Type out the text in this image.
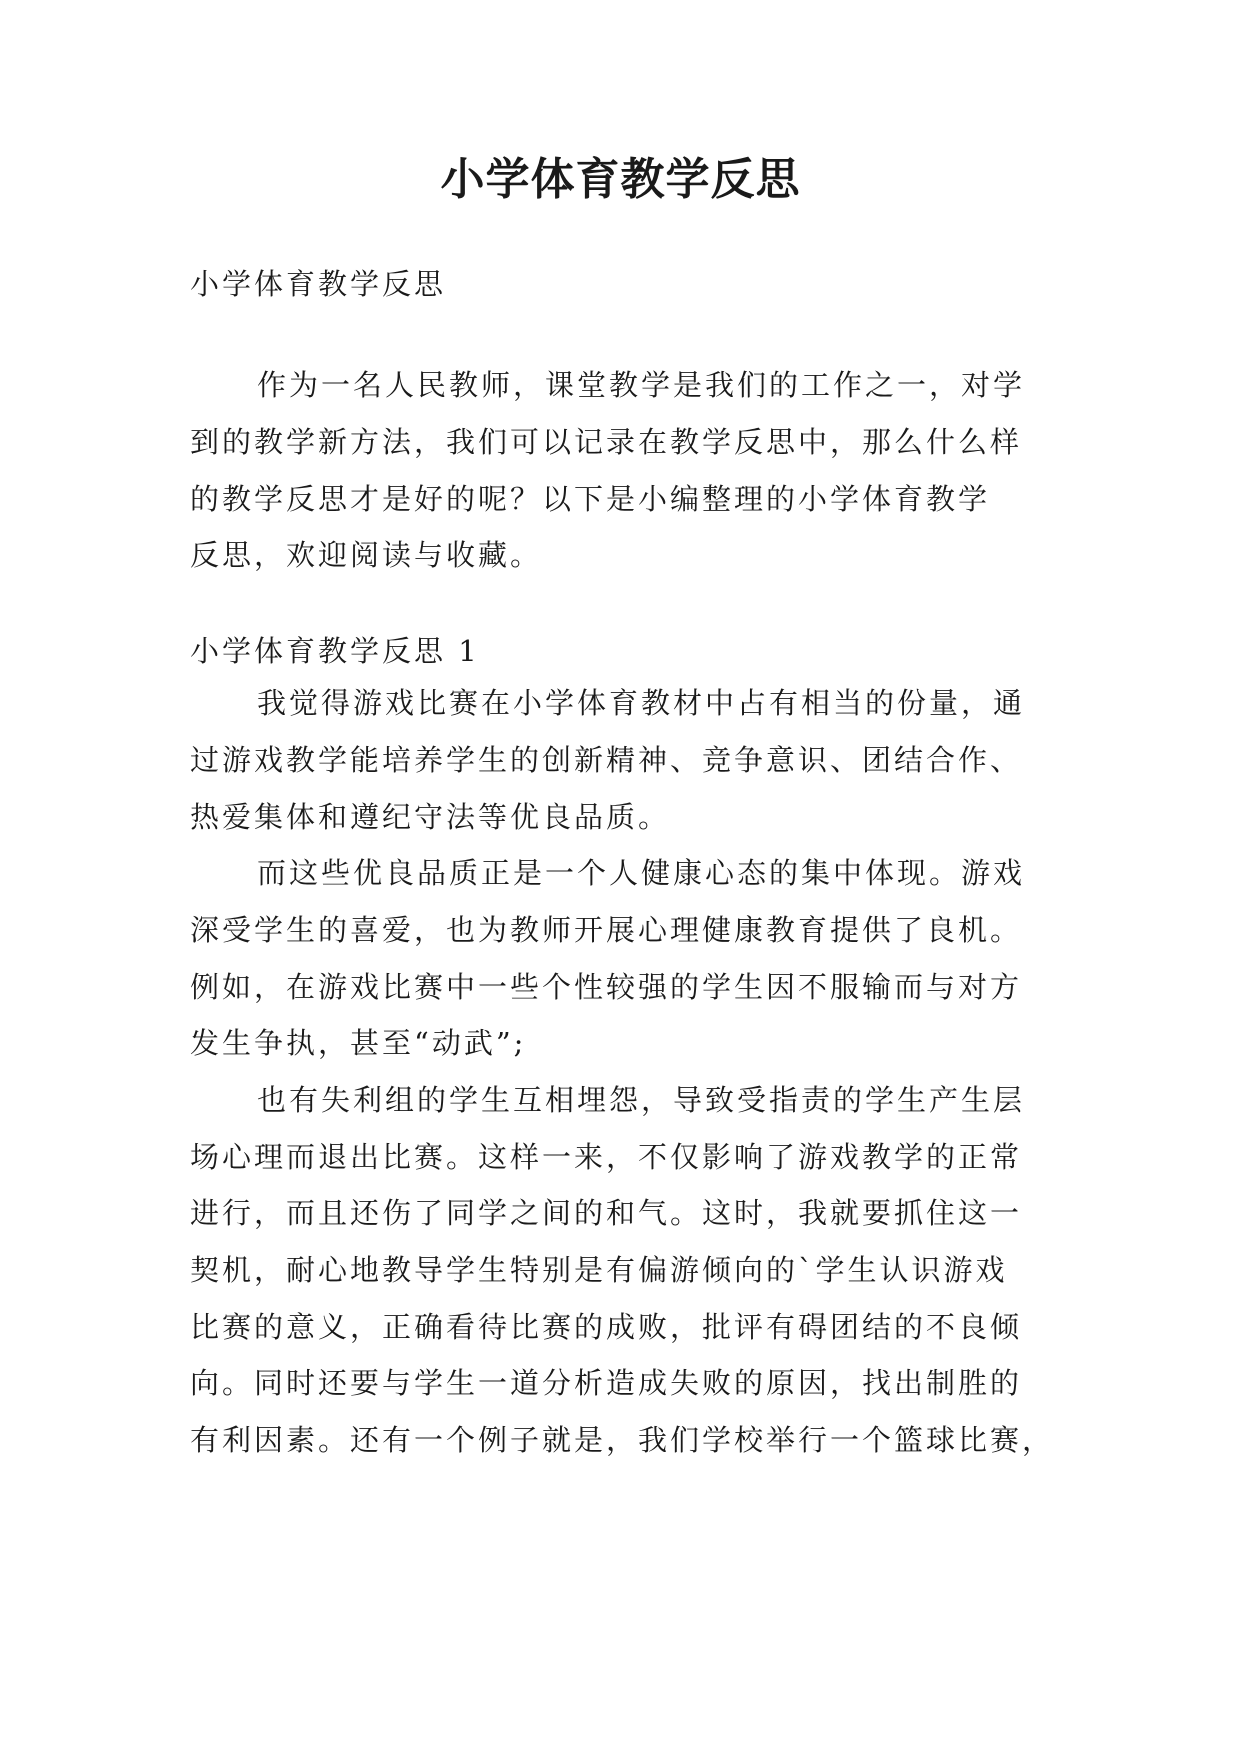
小学体育教学反思

小学体育教学反思

作为一名人民教师，课堂教学是我们的工作之一，对学

到的教学新方法，我们可以记录在教学反思中，那么什么样

的教学反思才是好的呢？以下是小编整理的小学体育教学

反思，欢迎阅读与收藏。

小学体育教学反思 1

我觉得游戏比赛在小学体育教材中占有相当的份量，通

过游戏教学能培养学生的创新精神、竞争意识、团结合作、

热爱集体和遵纪守法等优良品质。

而这些优良品质正是一个人健康心态的集中体现。游戏

深受学生的喜爱，也为教师开展心理健康教育提供了良机。

例如，在游戏比赛中一些个性较强的学生因不服输而与对方

发生争执，甚至“动武”;

也有失利组的学生互相埋怨，导致受指责的学生产生层

场心理而退出比赛。这样一来，不仅影响了游戏教学的正常

进行，而且还伤了同学之间的和气。这时，我就要抓住这一

契机，耐心地教导学生特别是有偏游倾向的`学生认识游戏

比赛的意义，正确看待比赛的成败，批评有碍团结的不良倾

向。同时还要与学生一道分析造成失败的原因，找出制胜的

有利因素。还有一个例子就是，我们学校举行一个篮球比赛，
